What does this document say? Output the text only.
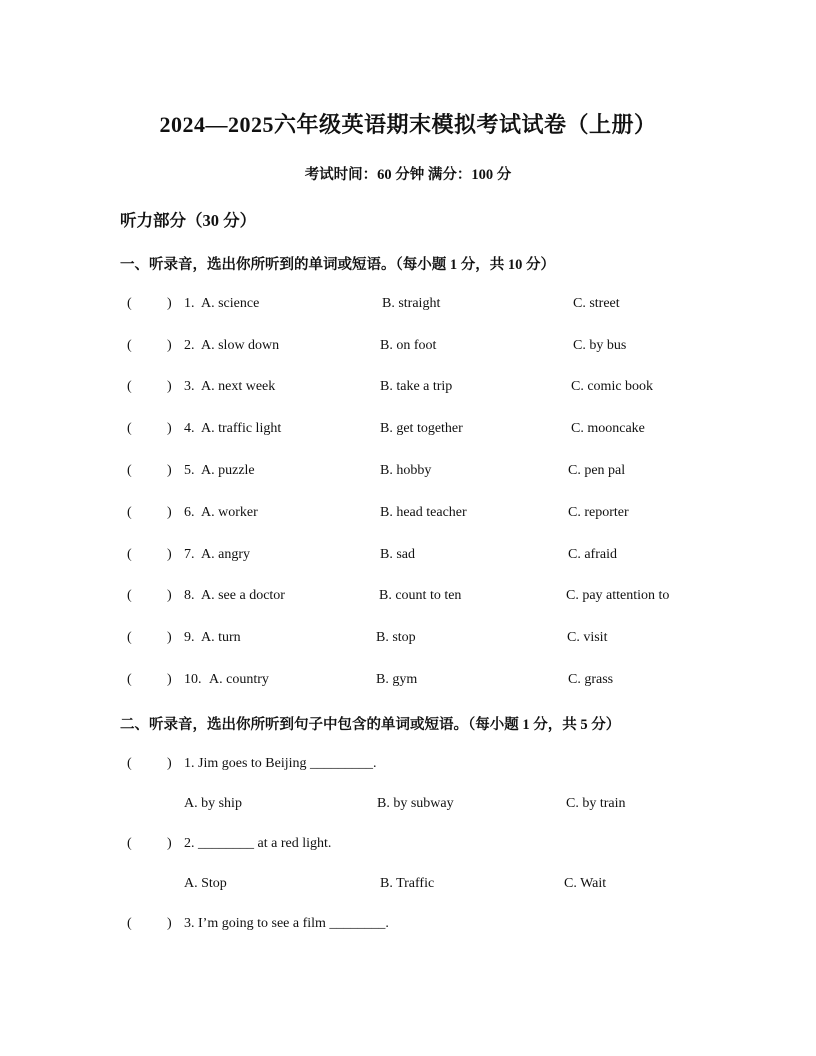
2024—2025六年级英语期末模拟考试试卷（上册）
考试时间：60 分钟 满分：100 分
听力部分（30 分）
一、听录音，选出你所听到的单词或短语。（每小题 1 分，共 10 分）
(	) 1. A. science	B. straight	C. street
(	) 2. A. slow down	B. on foot	C. by bus
(	) 3. A. next week	B. take a trip	C. comic book
(	) 4. A. traffic light	B. get together	C. mooncake
(	) 5. A. puzzle	B. hobby	C. pen pal
(	) 6. A. worker	B. head teacher	C. reporter
(	) 7. A. angry	B. sad	C. afraid
(	) 8. A. see a doctor	B. count to ten	C. pay attention to
(	) 9. A. turn	B. stop	C. visit
(	) 10. A. country	B. gym	C. grass
二、听录音，选出你所听到句子中包含的单词或短语。（每小题 1 分，共 5 分）
(	) 1. Jim goes to Beijing _________.
A. by ship	B. by subway	C. by train
(	) 2. ________ at a red light.
A. Stop	B. Traffic	C. Wait
(	) 3. I’m going to see a film ________.
